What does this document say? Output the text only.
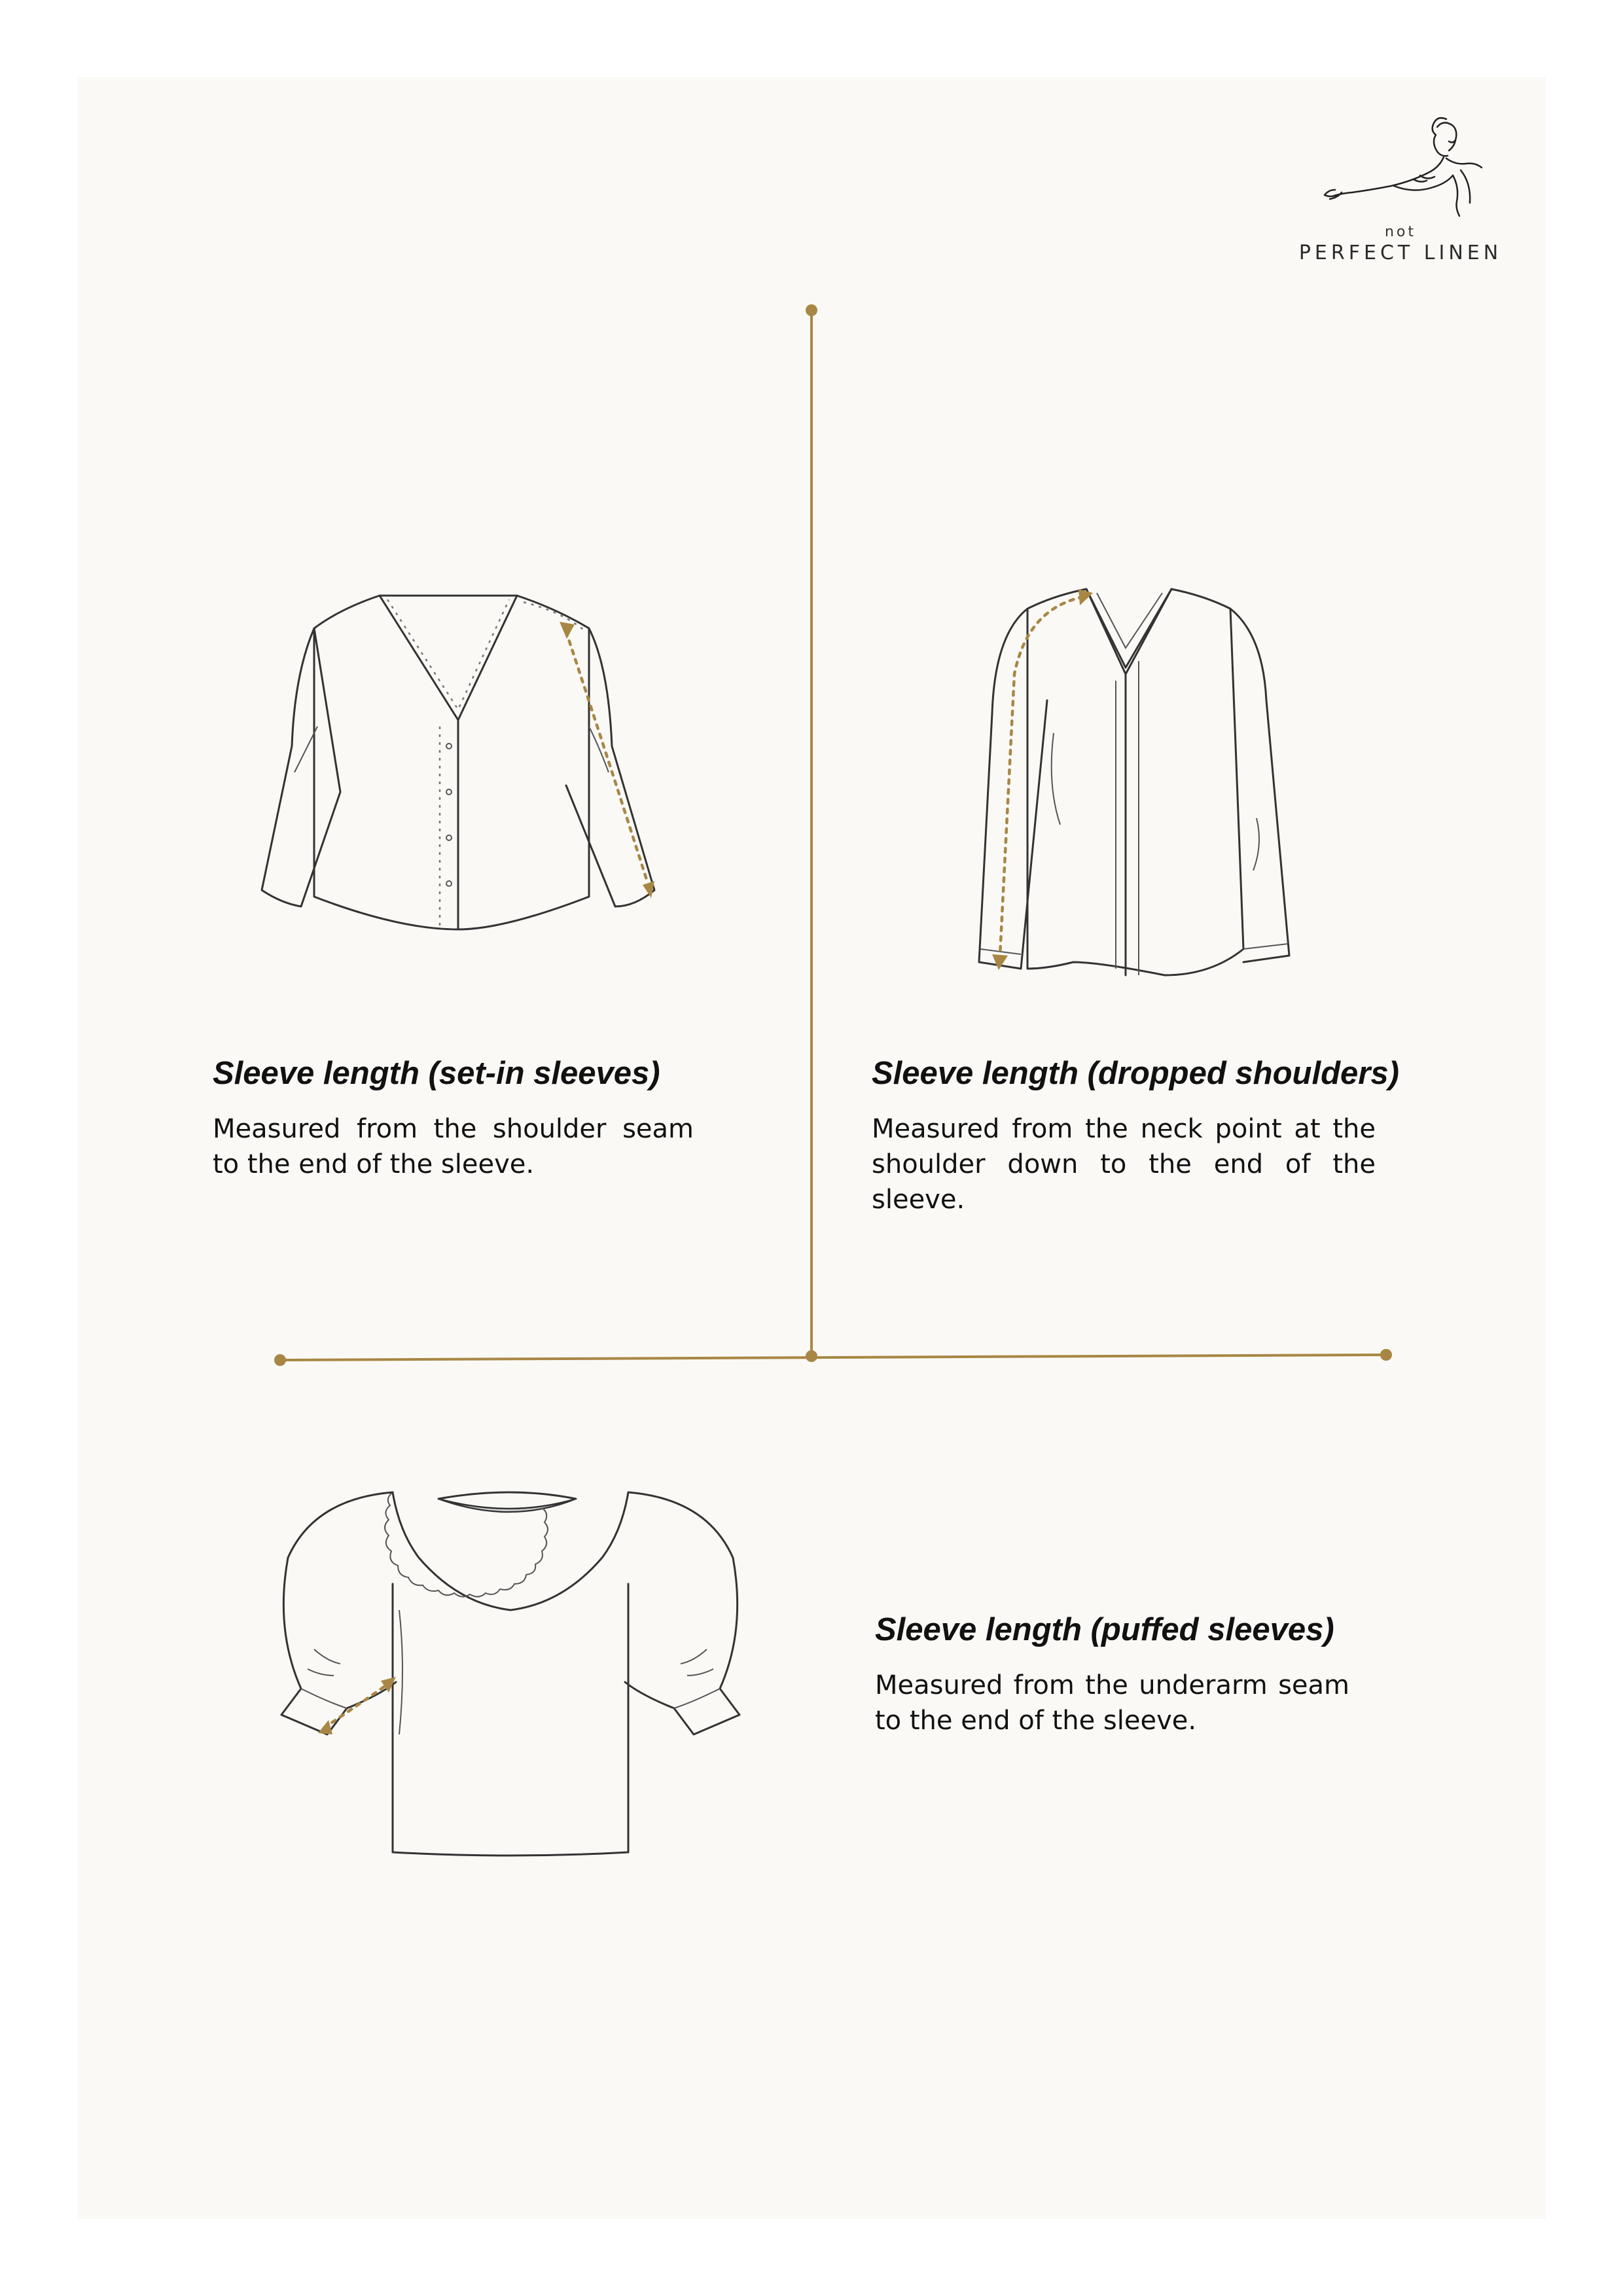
not
PERFECT LINEN
Sleeve length (set-in sleeves)

Measured from the shoulder seam to the end of the sleeve.

Sleeve length (dropped shoulders)

Measured from the neck point at the shoulder down to the end of the sleeve.

Sleeve length (puffed sleeves)

Measured from the underarm seam to the end of the sleeve.
